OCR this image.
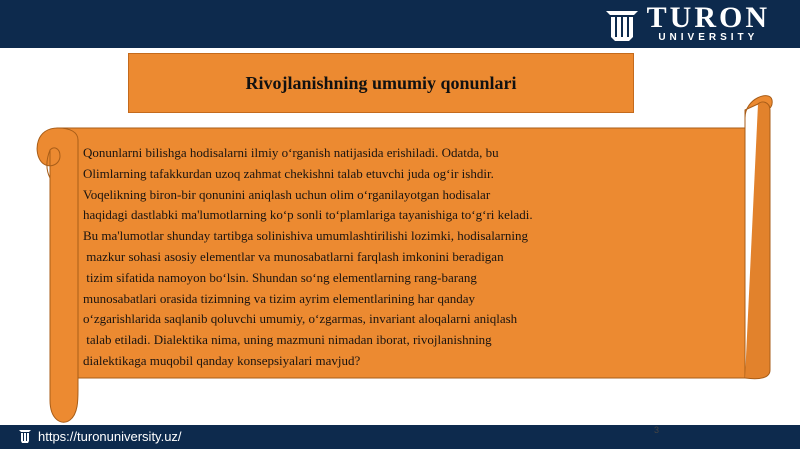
TURON
UNIVERSITY
Rivojlanishning umumiy qonunlari
Qonunlarni bilishga hodisalarni ilmiy o‘rganish natijasida erishiladi. Odatda, bu
Olimlarning tafakkurdan uzoq zahmat chekishni talab etuvchi juda og‘ir ishdir.
Voqelikning biron-bir qonunini aniqlash uchun olim o‘rganilayotgan hodisalar
haqidagi dastlabki ma'lumotlarning ko‘p sonli to‘plamlariga tayanishiga to‘g‘ri keladi.
Bu ma'lumotlar shunday tartibga solinishiva umumlashtirilishi lozimki, hodisalarning
mazkur sohasi asosiy elementlar va munosabatlarni farqlash imkonini beradigan
tizim sifatida namoyon bo‘lsin. Shundan so‘ng elementlarning rang-barang
munosabatlari orasida tizimning va tizim ayrim elementlarining har qanday
o‘zgarishlarida saqlanib qoluvchi umumiy, o‘zgarmas, invariant aloqalarni aniqlash
talab etiladi. Dialektika nima, uning mazmuni nimadan iborat, rivojlanishning
dialektikaga muqobil qanday konsepsiyalari mavjud?
https://turonuniversity.uz/	3
